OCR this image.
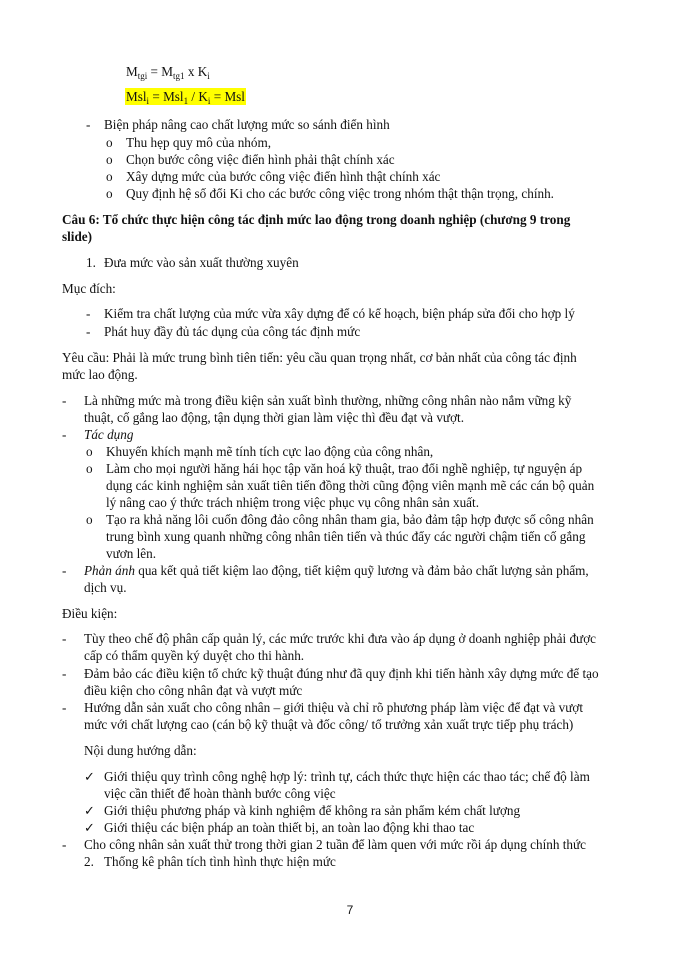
$M_{tgi} = M_{tg1}$ x $K_i$
$Msl_i = Msl_1 / K_i$ = Msl
- Biện pháp nâng cao chất lượng mức so sánh điển hình
o Thu hẹp quy mô của nhóm,
o Chọn bước công việc điển hình phải thật chính xác
o Xây dựng mức của bước công việc điển hình thật chính xác
o Quy định hệ số đổi Ki cho các bước công việc trong nhóm thật thận trọng, chính.
Câu 6: Tổ chức thực hiện công tác định mức lao động trong doanh nghiệp (chương 9 trong
slide)
1. Đưa mức vào sản xuất thường xuyên
Mục đích:
- Kiểm tra chất lượng của mức vừa xây dựng để có kế hoạch, biện pháp sửa đổi cho hợp lý
- Phát huy đầy đủ tác dụng của công tác định mức
Yêu cầu: Phải là mức trung bình tiên tiến: yêu cầu quan trọng nhất, cơ bản nhất của công tác định
mức lao động.
- Là những mức mà trong điều kiện sản xuất bình thường, những công nhân nào nắm vững kỹ
thuật, cố gắng lao động, tận dụng thời gian làm việc thì đều đạt và vượt.
- Tác dụng
o Khuyến khích mạnh mẽ tính tích cực lao động của công nhân,
o Làm cho mọi người hăng hái học tập văn hoá kỹ thuật, trao đổi nghề nghiệp, tự nguyện áp
dụng các kinh nghiệm sản xuất tiên tiến đồng thời cũng động viên mạnh mẽ các cán bộ quản
lý nâng cao ý thức trách nhiệm trong việc phục vụ công nhân sản xuất.
o Tạo ra khả năng lôi cuốn đông đảo công nhân tham gia, bảo đảm tập hợp được số công nhân
trung bình xung quanh những công nhân tiên tiến và thúc đẩy các người chậm tiến cố gắng
vươn lên.
- Phản ánh qua kết quả tiết kiệm lao động, tiết kiệm quỹ lương và đảm bảo chất lượng sản phẩm,
dịch vụ.
Điều kiện:
- Tùy theo chế độ phân cấp quản lý, các mức trước khi đưa vào áp dụng ở doanh nghiệp phải được
cấp có thẩm quyền ký duyệt cho thi hành.
- Đảm bảo các điều kiện tổ chức kỹ thuật đúng như đã quy định khi tiến hành xây dựng mức để tạo
điều kiện cho công nhân đạt và vượt mức
- Hướng dẫn sản xuất cho công nhân – giới thiệu và chỉ rõ phương pháp làm việc để đạt và vượt
mức với chất lượng cao (cán bộ kỹ thuật và đốc công/ tổ trưởng xản xuất trực tiếp phụ trách)
Nội dung hướng dẫn:
✓ Giới thiệu quy trình công nghệ hợp lý: trình tự, cách thức thực hiện các thao tác; chế độ làm
việc cần thiết để hoàn thành bước công việc
✓ Giới thiệu phương pháp và kinh nghiệm để không ra sản phẩm kém chất lượng
✓ Giới thiệu các biện pháp an toàn thiết bị, an toàn lao động khi thao tac
- Cho công nhân sản xuất thử trong thời gian 2 tuần để làm quen với mức rồi áp dụng chính thức
2. Thống kê phân tích tình hình thực hiện mức
7
